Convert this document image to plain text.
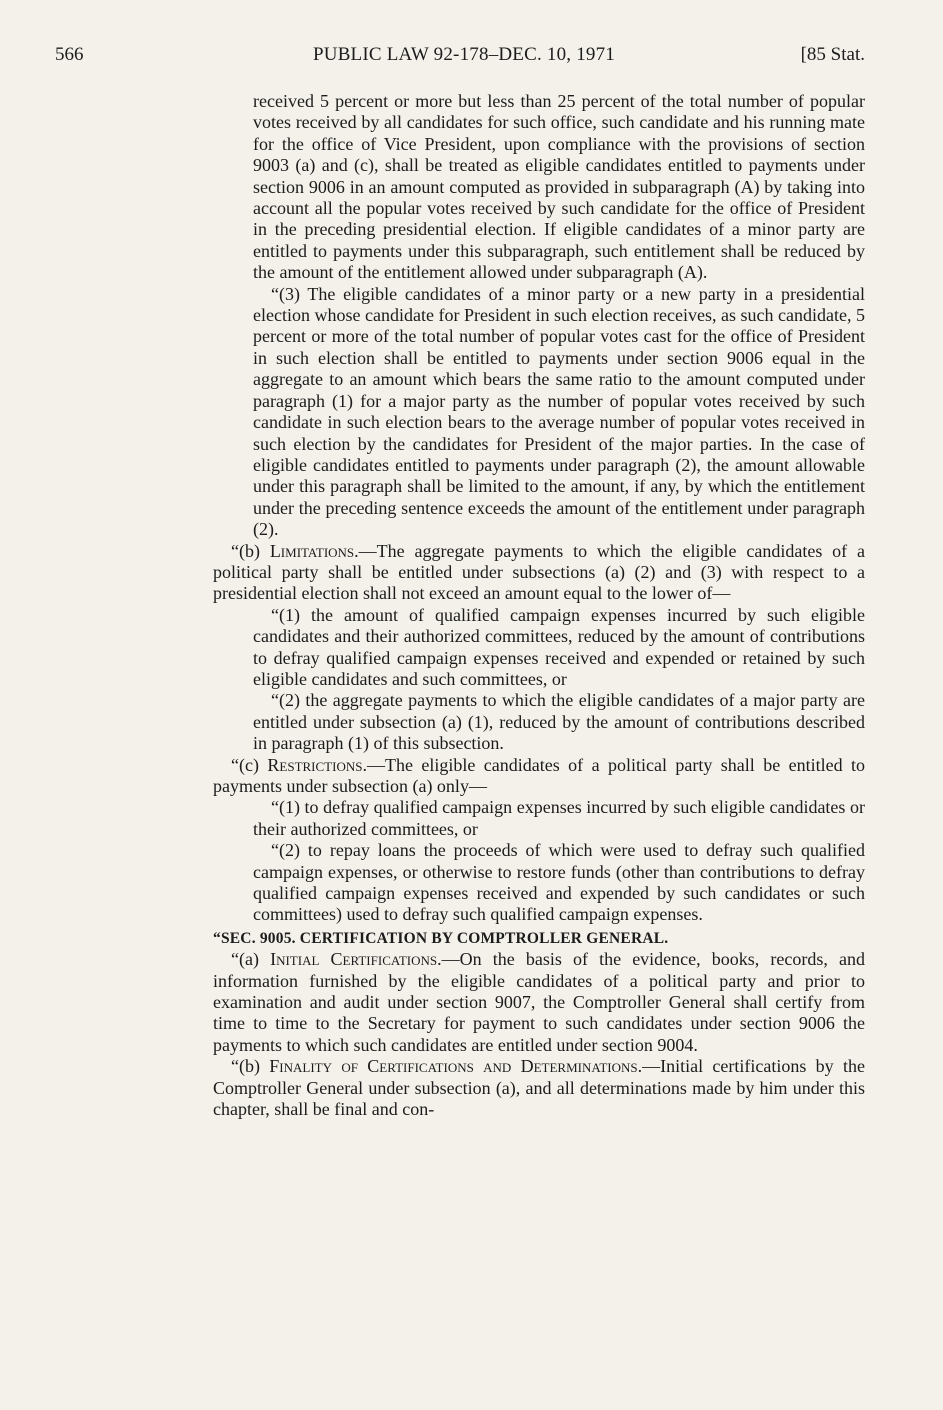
566	PUBLIC LAW 92-178–DEC. 10, 1971	[85 Stat.

received 5 percent or more but less than 25 percent of the total number of popular votes received by all candidates for such office, such candidate and his running mate for the office of Vice President, upon compliance with the provisions of section 9003 (a) and (c), shall be treated as eligible candidates entitled to payments under section 9006 in an amount computed as provided in subparagraph (A) by taking into account all the popular votes received by such candidate for the office of President in the preceding presidential election. If eligible candidates of a minor party are entitled to payments under this subparagraph, such entitlement shall be reduced by the amount of the entitlement allowed under subparagraph (A).

“(3) The eligible candidates of a minor party or a new party in a presidential election whose candidate for President in such election receives, as such candidate, 5 percent or more of the total number of popular votes cast for the office of President in such election shall be entitled to payments under section 9006 equal in the aggregate to an amount which bears the same ratio to the amount computed under paragraph (1) for a major party as the number of popular votes received by such candidate in such election bears to the average number of popular votes received in such election by the candidates for President of the major parties. In the case of eligible candidates entitled to payments under paragraph (2), the amount allowable under this paragraph shall be limited to the amount, if any, by which the entitlement under the preceding sentence exceeds the amount of the entitlement under paragraph (2).

“(b) Limitations.—The aggregate payments to which the eligible candidates of a political party shall be entitled under subsections (a) (2) and (3) with respect to a presidential election shall not exceed an amount equal to the lower of—

“(1) the amount of qualified campaign expenses incurred by such eligible candidates and their authorized committees, reduced by the amount of contributions to defray qualified campaign expenses received and expended or retained by such eligible candidates and such committees, or

“(2) the aggregate payments to which the eligible candidates of a major party are entitled under subsection (a) (1), reduced by the amount of contributions described in paragraph (1) of this subsection.

“(c) Restrictions.—The eligible candidates of a political party shall be entitled to payments under subsection (a) only—

“(1) to defray qualified campaign expenses incurred by such eligible candidates or their authorized committees, or

“(2) to repay loans the proceeds of which were used to defray such qualified campaign expenses, or otherwise to restore funds (other than contributions to defray qualified campaign expenses received and expended by such candidates or such committees) used to defray such qualified campaign expenses.

“SEC. 9005. CERTIFICATION BY COMPTROLLER GENERAL.

“(a) Initial Certifications.—On the basis of the evidence, books, records, and information furnished by the eligible candidates of a political party and prior to examination and audit under section 9007, the Comptroller General shall certify from time to time to the Secretary for payment to such candidates under section 9006 the payments to which such candidates are entitled under section 9004.

“(b) Finality of Certifications and Determinations.—Initial certifications by the Comptroller General under subsection (a), and all determinations made by him under this chapter, shall be final and con-
